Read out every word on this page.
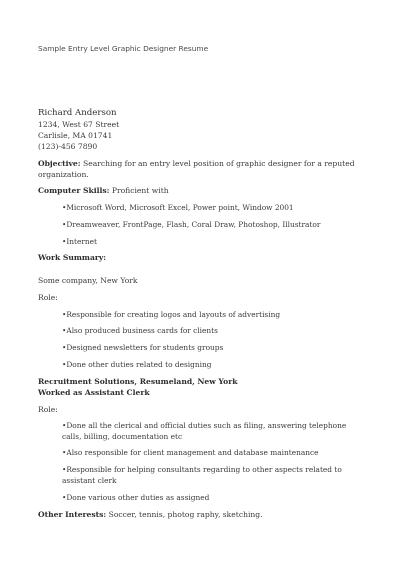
Sample Entry Level Graphic Designer Resume
Richard Anderson
1234, West 67 Street
Carlisle, MA 01741
(123)-456 7890
Objective: Searching for an entry level position of graphic designer for a reputed organization.
Computer Skills: Proficient with
•Microsoft Word, Microsoft Excel, Power point, Window 2001
•Dreamweaver, FrontPage, Flash, Coral Draw, Photoshop, Illustrator
•Internet
Work Summary:
Some company, New York
Role:
•Responsible for creating logos and layouts of advertising
•Also produced business cards for clients
•Designed newsletters for students groups
•Done other duties related to designing
Recruitment Solutions, Resumeland, New York
Worked as Assistant Clerk
Role:
•Done all the clerical and official duties such as filing, answering telephone calls, billing, documentation etc
•Also responsible for client management and database maintenance
•Responsible for helping consultants regarding to other aspects related to assistant clerk
•Done various other duties as assigned
Other Interests: Soccer, tennis, photog raphy, sketching.
